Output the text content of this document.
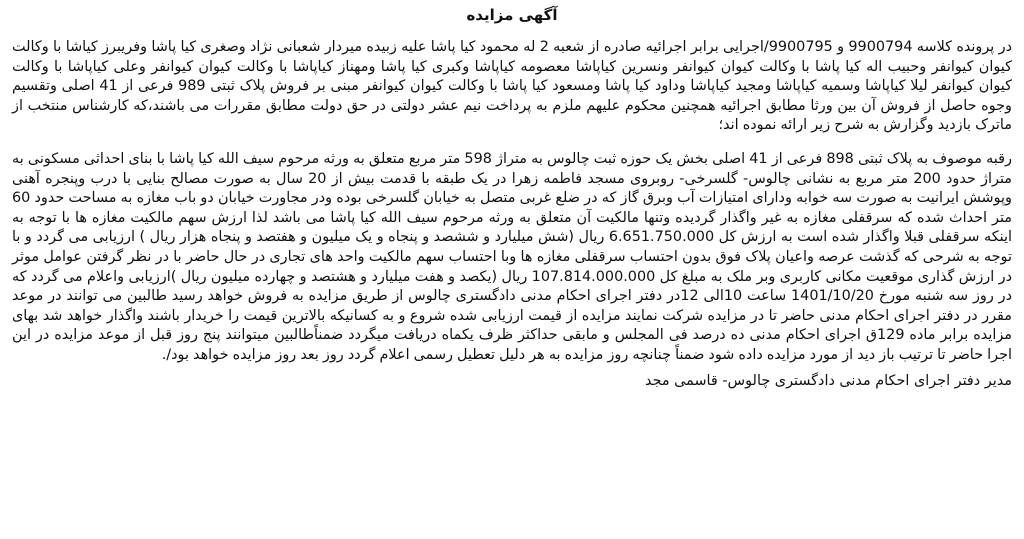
آگهی مزایده

در پرونده کلاسه 9900794 و 9900795/اجرایی برابر اجرائیه صادره از شعبه 2 له محمود کیا پاشا علیه زبیده میردار شعبانی نژاد وصغری کیا پاشا وفریبرز کیاشا با وکالت کیوان کیوانفر وحبیب اله کیا پاشا با وکالت کیوان کیوانفر ونسرین کیاپاشا معصومه کیاپاشا وکبری کیا پاشا ومهناز کیاپاشا با وکالت کیوان کیوانفر وعلی کیاپاشا با وکالت کیوان کیوانفر لیلا کیاپاشا وسمیه کیاپاشا ومجید کیاپاشا وداود کیا پاشا ومسعود کیا پاشا با وکالت کیوان کیوانفر مبنی بر فروش پلاک ثبتی 989 فرعی از 41 اصلی وتقسیم وجوه حاصل از فروش آن بین ورثا مطابق اجرائیه همچنین محکوم علیهم ملزم به پرداخت نیم عشر دولتی در حق دولت مطابق مقررات می باشند،که کارشناس منتخب از ماترک بازدید وگزارش به شرح زیر ارائه نموده اند؛

رقبه موصوف به پلاک ثبتی 898 فرعی از 41 اصلی بخش یک حوزه ثبت چالوس به متراژ 598 متر مربع متعلق به ورثه مرحوم سیف الله کیا پاشا با بنای احداثی مسکونی به متراژ حدود 200 متر مربع به نشانی چالوس- گلسرخی- روبروی مسجد فاطمه زهرا در یک طبقه با قدمت بیش از 20 سال به صورت مصالح بنایی با درب وپنجره آهنی وپوشش ایرانیت به صورت سه خوابه ودارای امتیازات آب وبرق گاز که در ضلع غربی متصل به خیابان گلسرخی بوده ودر مجاورت خیابان دو باب مغازه به مساحت حدود 60 متر احداث شده که سرقفلی مغازه به غیر واگذار گردیده وتنها مالکیت آن متعلق به ورثه مرحوم سیف الله کیا پاشا می باشد لذا ارزش سهم مالکیت مغازه ها با توجه به اینکه سرقفلی قبلا واگذار شده است به ارزش کل 6.651.750.000 ریال (شش میلیارد و ششصد و پنجاه و یک میلیون و هفتصد و پنجاه هزار ریال ) ارزیابی می گردد و با توجه به شرحی که گذشت عرصه واعیان پلاک فوق بدون احتساب سرقفلی مغازه ها وبا احتساب سهم مالکیت واحد های تجاری در حال حاضر با در نظر گرفتن عوامل موثر در ارزش گذاری موقعیت مکانی کاربری وبر ملک به مبلغ کل 107.814.000.000 ریال (یکصد و هفت میلیارد و هشتصد و چهارده میلیون ریال )ارزیابی واعلام می گردد که در روز سه شنبه مورخ 1401/10/20 ساعت 10الی 12در دفتر اجرای احکام مدنی دادگستری چالوس از طریق مزایده به فروش خواهد رسید طالبین می توانند در موعد مقرر در دفتر اجرای احکام مدنی حاضر تا در مزایده شرکت نمایند مزایده از قیمت ارزیابی شده شروع و به کسانیکه بالاترین قیمت را خریدار باشند واگذار خواهد شد بهای مزایده برابر ماده 129ق اجرای احکام مدنی ده درصد فی المجلس و مابقی حداکثر ظرف یکماه دریافت میگردد ضمناًطالبین میتوانند پنج روز قبل از موعد مزایده در این اجرا حاضر تا ترتیب باز دید از مورد مزایده داده شود ضمناً چنانچه روز مزایده به هر دلیل تعطیل رسمی اعلام گردد روز بعد روز مزایده خواهد بود/.

مدیر دفتر اجرای احکام مدنی دادگستری چالوس- قاسمی مجد
